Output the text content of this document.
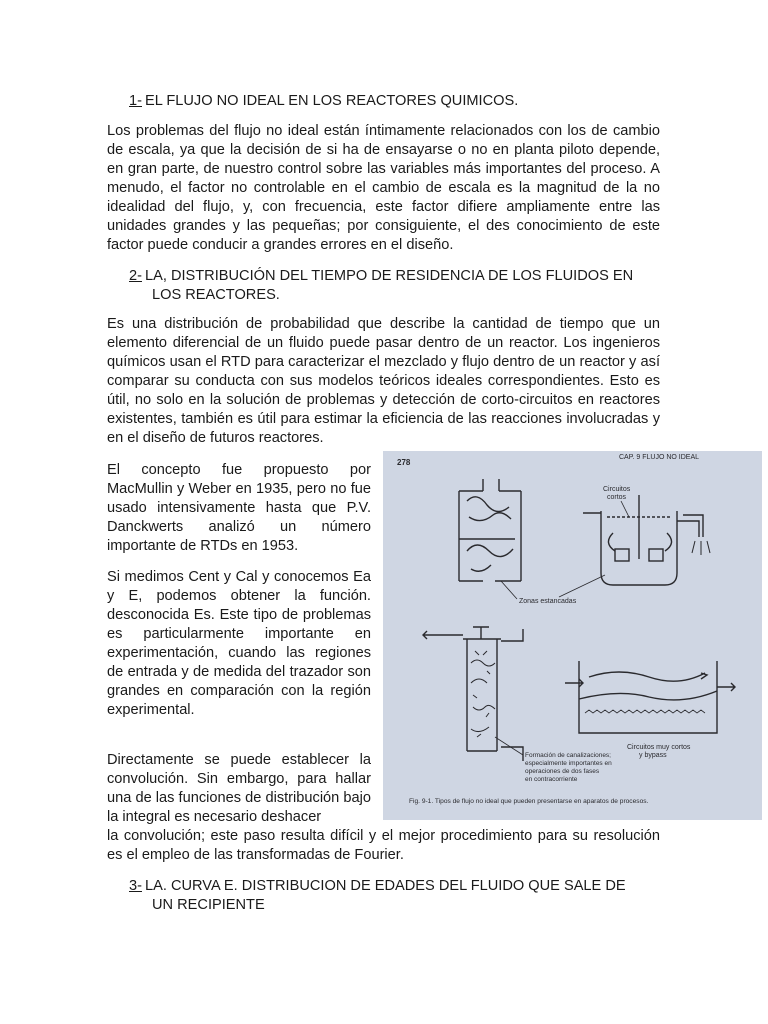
1- EL FLUJO NO IDEAL EN LOS REACTORES QUIMICOS.

Los problemas del flujo no ideal están íntimamente relacionados con los de cambio de escala, ya que la decisión de si ha de ensayarse o no en planta piloto depende, en gran parte, de nuestro control sobre las variables más importantes del proceso. A menudo, el factor no controlable en el cambio de escala es la magnitud de la no idealidad del flujo, y, con frecuencia, este factor difiere ampliamente entre las unidades grandes y las pequeñas; por consiguiente, el des conocimiento de este factor puede conducir a grandes errores en el diseño.

2- LA, DISTRIBUCIÓN DEL TIEMPO DE RESIDENCIA DE LOS FLUIDOS EN
LOS REACTORES.

Es una distribución de probabilidad que describe la cantidad de tiempo que un elemento diferencial de un fluido puede pasar dentro de un reactor. Los ingenieros químicos usan el RTD para caracterizar el mezclado y flujo dentro de un reactor y así comparar su conducta con sus modelos teóricos ideales correspondientes. Esto es útil, no solo en la solución de problemas y detección de corto-circuitos en reactores existentes, también es útil para estimar la eficiencia de las reacciones involucradas y en el diseño de futuros reactores.

El concepto fue propuesto por MacMullin y Weber en 1935, pero no fue usado intensivamente hasta que P.V. Danckwerts analizó un número importante de RTDs en 1953.

Si medimos Cent y Cal y conocemos Ea y E, podemos obtener la función. desconocida Es. Este tipo de problemas es particularmente importante en experimentación, cuando las regiones de entrada y de medida del trazador son grandes en comparación con la región experimental.

Directamente se puede establecer la convolución. Sin embargo, para hallar una de las funciones de distribución bajo la integral es necesario deshacer

la convolución; este paso resulta difícil y el mejor procedimiento para su resolución es el empleo de las transformadas de Fourier.

3- LA. CURVA E. DISTRIBUCION DE EDADES DEL FLUIDO QUE SALE DE
UN RECIPIENTE
278
CAP. 9 FLUJO NO IDEAL
Circuitos
cortos
Zonas estancadas
Circuitos muy cortos
y bypass
Formación de canalizaciones;
especialmente importantes en
operaciones de dos fases
en contracorriente
Fig. 9-1. Tipos de flujo no ideal que pueden presentarse en aparatos de procesos.
